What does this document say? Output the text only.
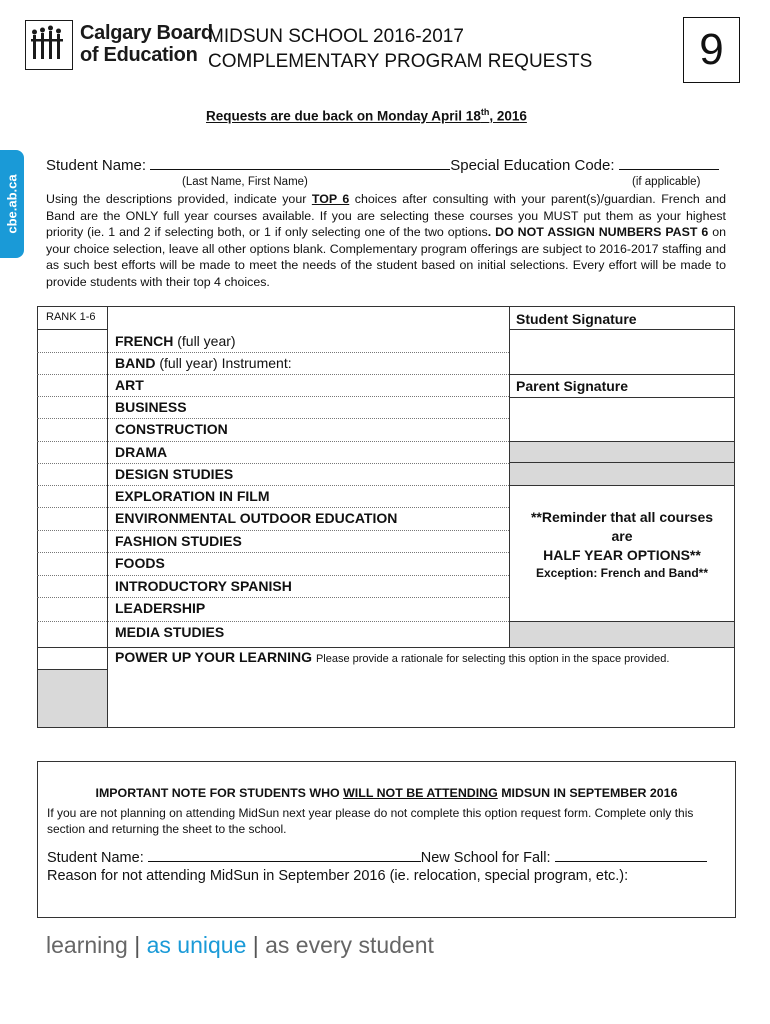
Calgary Board
of Education
MIDSUN SCHOOL 2016-2017
COMPLEMENTARY PROGRAM REQUESTS 9
Requests are due back on Monday April 18th, 2016
cbe.ab.ca
Student Name:	Special Education Code:
(Last Name, First Name)	(if applicable)
Using the descriptions provided, indicate your TOP 6 choices after consulting with your parent(s)/guardian. French and Band are the ONLY full year courses available. If you are selecting these courses you MUST put them as your highest priority (ie. 1 and 2 if selecting both, or 1 if only selecting one of the two options. DO NOT ASSIGN NUMBERS PAST 6 on your choice selection, leave all other options blank. Complementary program offerings are subject to 2016-2017 staffing and as such best efforts will be made to meet the needs of the student based on initial selections. Every effort will be made to provide students with their top 4 choices.
RANK 1-6
FRENCH (full year)
BAND (full year) Instrument:
ART
BUSINESS
CONSTRUCTION
DRAMA
DESIGN STUDIES
EXPLORATION IN FILM
ENVIRONMENTAL OUTDOOR EDUCATION
FASHION STUDIES
FOODS
INTRODUCTORY SPANISH
LEADERSHIP
MEDIA STUDIES
POWER UP YOUR LEARNING Please provide a rationale for selecting this option in the space provided.
Student Signature
Parent Signature
**Reminder that all courses
are
HALF YEAR OPTIONS**
Exception: French and Band**
IMPORTANT NOTE FOR STUDENTS WHO WILL NOT BE ATTENDING MIDSUN IN SEPTEMBER 2016
If you are not planning on attending MidSun next year please do not complete this option request form. Complete only this section and returning the sheet to the school.
Student Name:	New School for Fall:
Reason for not attending MidSun in September 2016 (ie. relocation, special program, etc.):
learning | as unique | as every student
